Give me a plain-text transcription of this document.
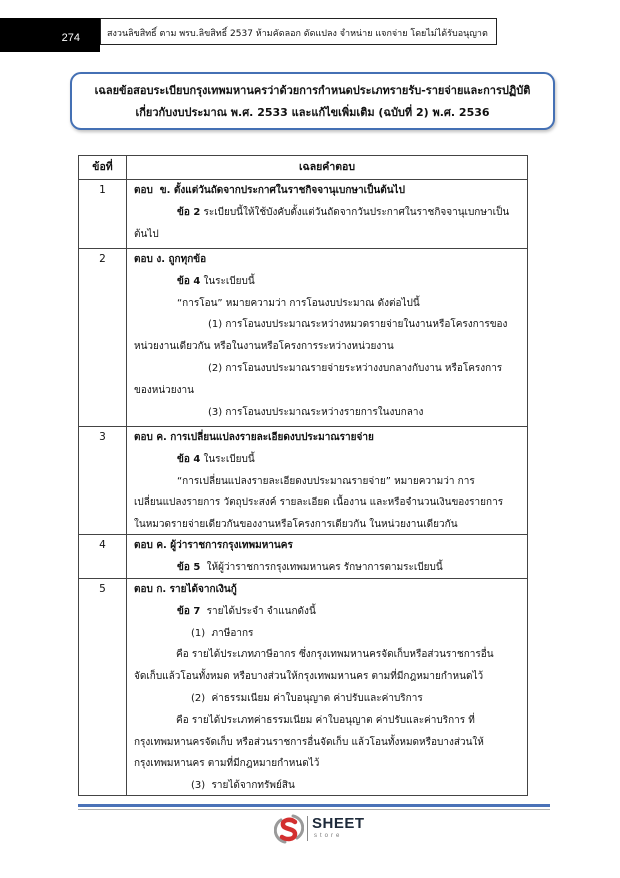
274	สงวนลิขสิทธิ์ ตาม พรบ.ลิขสิทธิ์ 2537 ห้ามคัดลอก ดัดแปลง จำหน่าย แจกจ่าย โดยไม่ได้รับอนุญาต
เฉลยข้อสอบระเบียบกรุงเทพมหานครว่าด้วยการกำหนดประเภทรายรับ-รายจ่ายและการปฏิบัติ
เกี่ยวกับงบประมาณ พ.ศ. 2533 และแก้ไขเพิ่มเติม (ฉบับที่ 2) พ.ศ. 2536
ข้อที่	เฉลยคำตอบ
1	ตอบ  ข. ตั้งแต่วันถัดจากประกาศในราชกิจจานุเบกษาเป็นต้นไป
ข้อ 2 ระเบียบนี้ให้ใช้บังคับตั้งแต่วันถัดจากวันประกาศในราชกิจจานุเบกษาเป็น
ต้นไป
2	ตอบ ง. ถูกทุกข้อ
ข้อ 4 ในระเบียบนี้
“การโอน” หมายความว่า การโอนงบประมาณ ดังต่อไปนี้
(1) การโอนงบประมาณระหว่างหมวดรายจ่ายในงานหรือโครงการของ
หน่วยงานเดียวกัน หรือในงานหรือโครงการระหว่างหน่วยงาน
(2) การโอนงบประมาณรายจ่ายระหว่างงบกลางกับงาน หรือโครงการ
ของหน่วยงาน
(3) การโอนงบประมาณระหว่างรายการในงบกลาง
3	ตอบ ค. การเปลี่ยนแปลงรายละเอียดงบประมาณรายจ่าย
ข้อ 4 ในระเบียบนี้
“การเปลี่ยนแปลงรายละเอียดงบประมาณรายจ่าย” หมายความว่า การ
เปลี่ยนแปลงรายการ วัตถุประสงค์ รายละเอียด เนื้องาน และหรือจำนวนเงินของรายการ
ในหมวดรายจ่ายเดียวกันของงานหรือโครงการเดียวกัน ในหน่วยงานเดียวกัน
4	ตอบ ค. ผู้ว่าราชการกรุงเทพมหานคร
ข้อ 5  ให้ผู้ว่าราชการกรุงเทพมหานคร รักษาการตามระเบียบนี้
5	ตอบ ก. รายได้จากเงินกู้
ข้อ 7  รายได้ประจำ จำแนกดังนี้
(1)  ภาษีอากร
คือ รายได้ประเภทภาษีอากร ซึ่งกรุงเทพมหานครจัดเก็บหรือส่วนราชการอื่น
จัดเก็บแล้วโอนทั้งหมด หรือบางส่วนให้กรุงเทพมหานคร ตามที่มีกฎหมายกำหนดไว้
(2)  ค่าธรรมเนียม ค่าใบอนุญาต ค่าปรับและค่าบริการ
คือ รายได้ประเภทค่าธรรมเนียม ค่าใบอนุญาต ค่าปรับและค่าบริการ ที่
กรุงเทพมหานครจัดเก็บ หรือส่วนราชการอื่นจัดเก็บ แล้วโอนทั้งหมดหรือบางส่วนให้
กรุงเทพมหานคร ตามที่มีกฎหมายกำหนดไว้
(3)  รายได้จากทรัพย์สิน
SHEET
store
